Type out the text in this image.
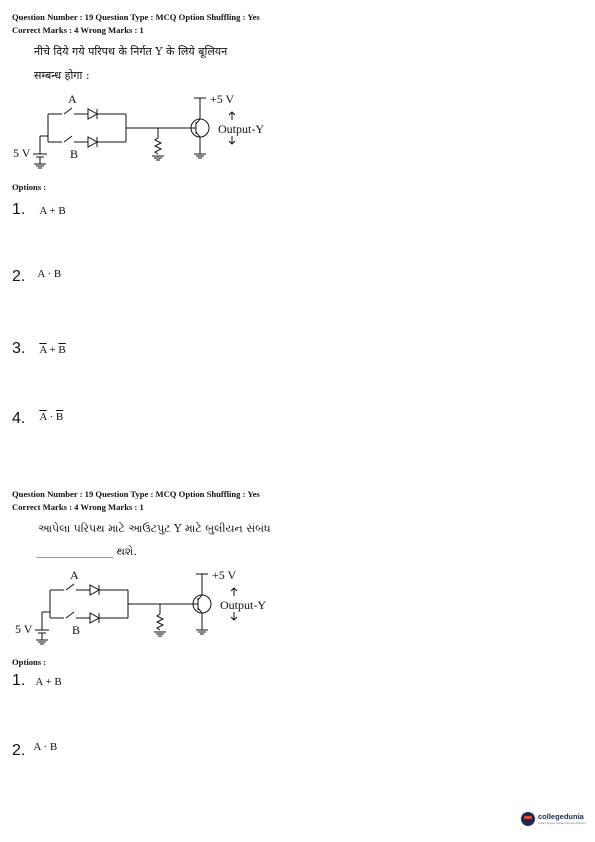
Question Number : 19 Question Type : MCQ Option Shuffling : Yes
Correct Marks : 4 Wrong Marks : 1
नीचे दिये गये परिपथ के निर्गत Y के लिये बूलियन
सम्बन्ध होगा :
A
B
5 V
+5 V
Output-Y
Options :
1. A + B
2. $^{A \cdot B}$
3. $\overline{A} + \overline{B}$
4. $\overline{A} \cdot \overline{B}$
Question Number : 19 Question Type : MCQ Option Shuffling : Yes
Correct Marks : 4 Wrong Marks : 1
આપેલા પરિપથ માટે આઉટપુટ Y માટે બુલીયન સંબંધ
______________ થશે.
A
B
5 V
+5 V
Output-Y
Options :
1. A + B
2. $^{A \cdot B}$
collegedunia
India's largest Student Review Platform
